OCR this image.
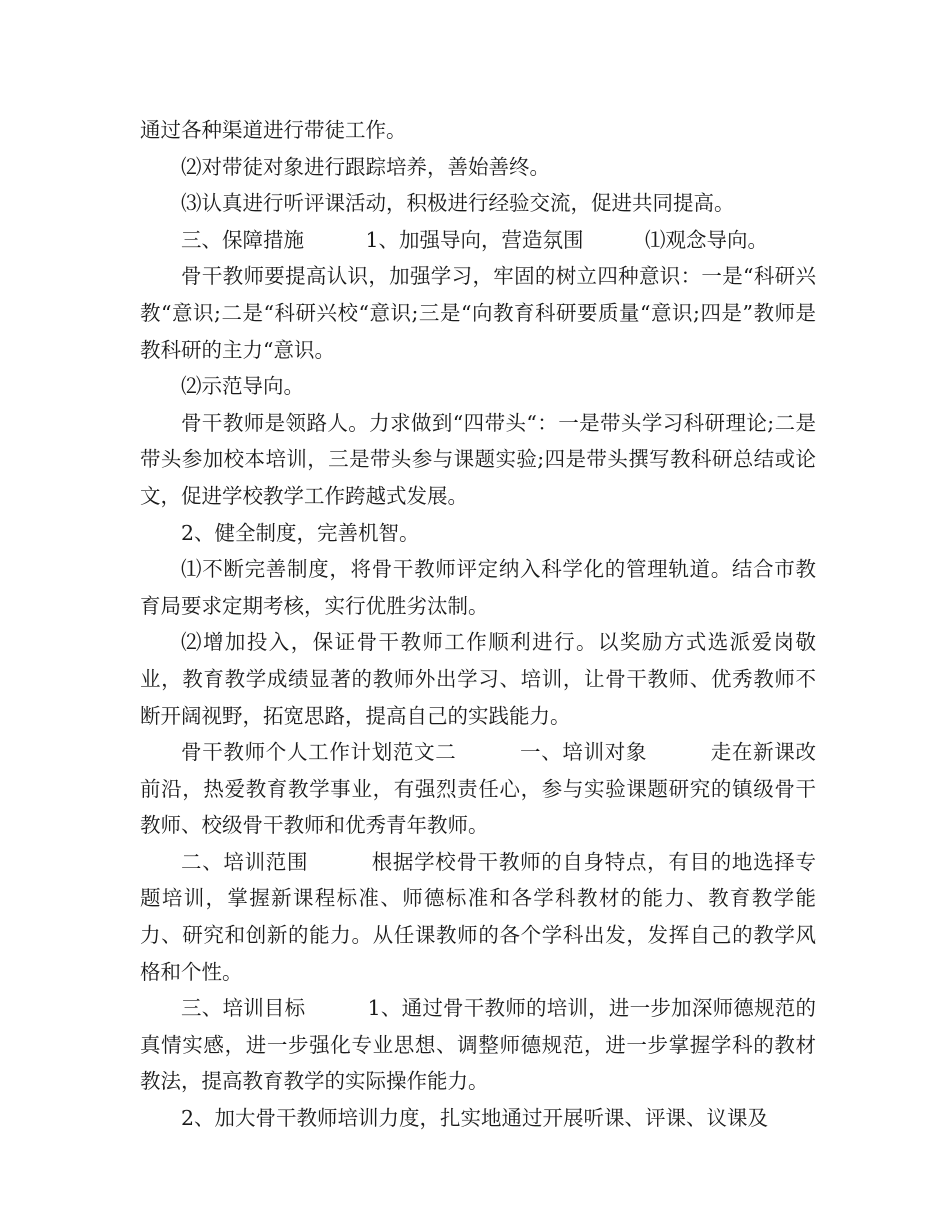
通过各种渠道进行带徒工作。

⑵对带徒对象进行跟踪培养，善始善终。

⑶认真进行听评课活动，积极进行经验交流，促进共同提高。

三、保障措施　　　1、加强导向，营造氛围　　　⑴观念导向。

骨干教师要提高认识，加强学习，牢固的树立四种意识：一是“科研兴教“意识;二是“科研兴校“意识;三是“向教育科研要质量“意识;四是”教师是教科研的主力“意识。

⑵示范导向。

骨干教师是领路人。力求做到“四带头“：一是带头学习科研理论;二是带头参加校本培训，三是带头参与课题实验;四是带头撰写教科研总结或论文，促进学校教学工作跨越式发展。

2、健全制度，完善机智。

⑴不断完善制度，将骨干教师评定纳入科学化的管理轨道。结合市教育局要求定期考核，实行优胜劣汰制。

⑵增加投入，保证骨干教师工作顺利进行。以奖励方式选派爱岗敬业，教育教学成绩显著的教师外出学习、培训，让骨干教师、优秀教师不断开阔视野，拓宽思路，提高自己的实践能力。

骨干教师个人工作计划范文二　　　一、培训对象　　　走在新课改前沿，热爱教育教学事业，有强烈责任心，参与实验课题研究的镇级骨干教师、校级骨干教师和优秀青年教师。

二、培训范围　　　根据学校骨干教师的自身特点，有目的地选择专题培训，掌握新课程标准、师德标准和各学科教材的能力、教育教学能力、研究和创新的能力。从任课教师的各个学科出发，发挥自己的教学风格和个性。

三、培训目标　　　1、通过骨干教师的培训，进一步加深师德规范的真情实感，进一步强化专业思想、调整师德规范，进一步掌握学科的教材教法，提高教育教学的实际操作能力。

2、加大骨干教师培训力度，扎实地通过开展听课、评课、议课及
